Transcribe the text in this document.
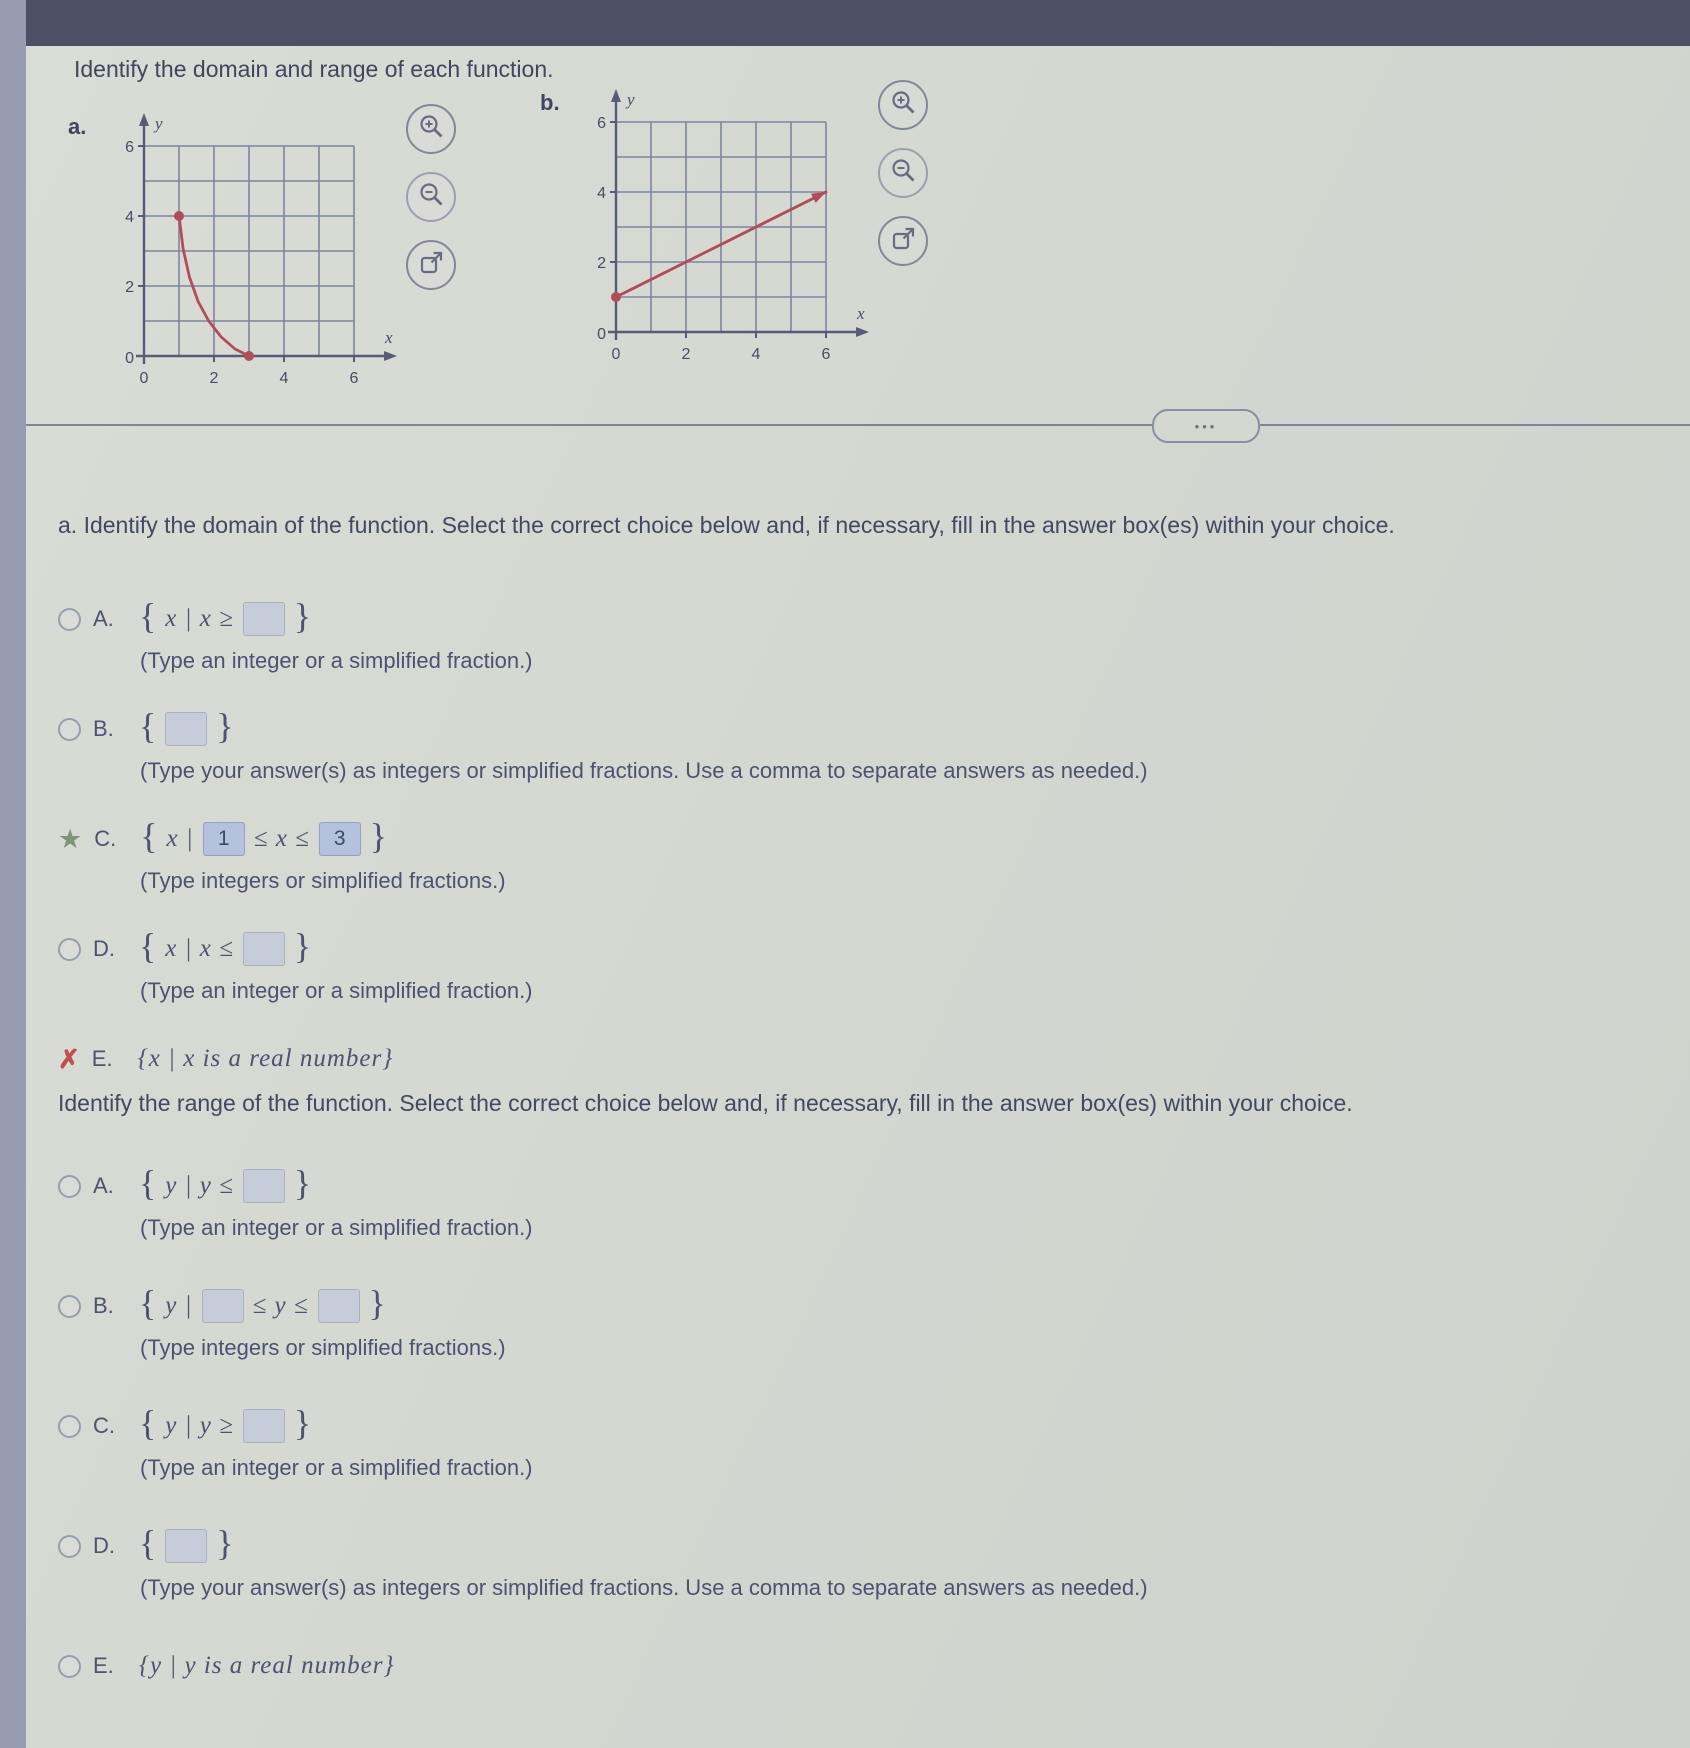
Identify the domain and range of each function.
a.	y
x
2
4
6
0
2	4	6
0
b.	y
x
2
4
6
0
2	4	6
0
•••
a. Identify the domain of the function. Select the correct choice below and, if necessary, fill in the answer box(es) within your choice.
A. { x | x ≥ }
(Type an integer or a simplified fraction.)
B. { }
(Type your answer(s) as integers or simplified fractions. Use a comma to separate answers as needed.)
★ C. { x |	1 ≤ x ≤	3 }
(Type integers or simplified fractions.)
D. { x | x ≤ }
(Type an integer or a simplified fraction.)
✗ E.	{x | x is a real number}
Identify the range of the function. Select the correct choice below and, if necessary, fill in the answer box(es) within your choice.
A. { y | y ≤ }
(Type an integer or a simplified fraction.)
B. { y | ≤ y ≤ }
(Type integers or simplified fractions.)
C. { y | y ≥ }
(Type an integer or a simplified fraction.)
D. { }
(Type your answer(s) as integers or simplified fractions. Use a comma to separate answers as needed.)
E.	{y | y is a real number}
